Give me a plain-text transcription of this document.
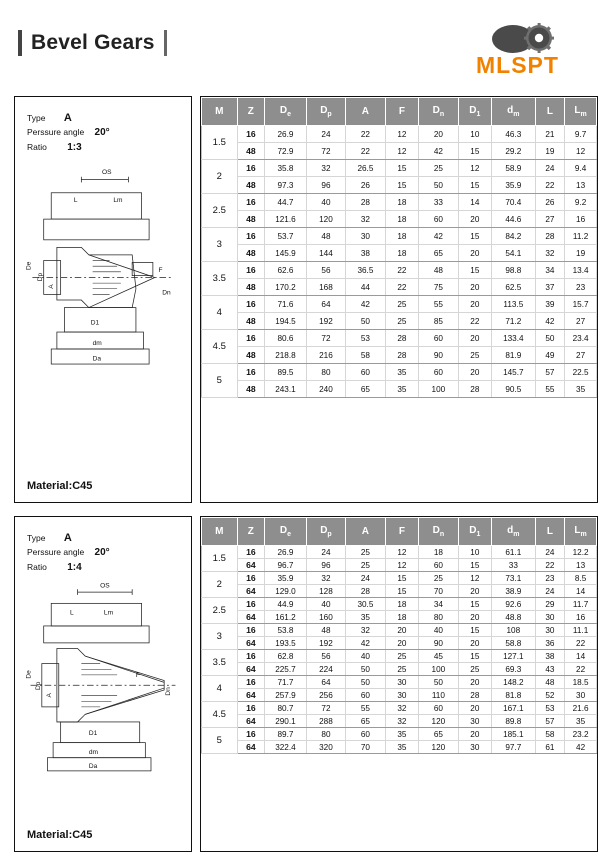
Bevel Gears
MLSPT
Type A
Perssure angle 20°
Ratio 1:3
OS
L	Lm
De
Dp
A
F
Dn
D1
dm
Da
Material:C45
M	Z	$D_e$	$D_p$	A	F	$D_n$	$D_1$	$d_m$	L	$L_m$
1.5	16	26.9	24	22	12	20	10	46.3	21	9.7
	48	72.9	72	22	12	42	15	29.2	19	12
2	16	35.8	32	26.5	15	25	12	58.9	24	9.4
	48	97.3	96	26	15	50	15	35.9	22	13
2.5	16	44.7	40	28	18	33	14	70.4	26	9.2
	48	121.6	120	32	18	60	20	44.6	27	16
3	16	53.7	48	30	18	42	15	84.2	28	11.2
	48	145.9	144	38	18	65	20	54.1	32	19
3.5	16	62.6	56	36.5	22	48	15	98.8	34	13.4
	48	170.2	168	44	22	75	20	62.5	37	23
4	16	71.6	64	42	25	55	20	113.5	39	15.7
	48	194.5	192	50	25	85	22	71.2	42	27
4.5	16	80.6	72	53	28	60	20	133.4	50	23.4
	48	218.8	216	58	28	90	25	81.9	49	27
5	16	89.5	80	60	35	60	20	145.7	57	22.5
	48	243.1	240	65	35	100	28	90.5	55	35
Type A
Perssure angle 20°
Ratio 1:4
OS
L	Lm
De
Dp
A
F
Dn
D1
dm
Da
Material:C45
M	Z	$D_e$	$D_p$	A	F	$D_n$	$D_1$	$d_m$	L	$L_m$
1.5	16	26.9	24	25	12	18	10	61.1	24	12.2
	64	96.7	96	25	12	60	15	33	22	13
2	16	35.9	32	24	15	25	12	73.1	23	8.5
	64	129.0	128	28	15	70	20	38.9	24	14
2.5	16	44.9	40	30.5	18	34	15	92.6	29	11.7
	64	161.2	160	35	18	80	20	48.8	30	16
3	16	53.8	48	32	20	40	15	108	30	11.1
	64	193.5	192	42	20	90	20	58.8	36	22
3.5	16	62.8	56	40	25	45	15	127.1	38	14
	64	225.7	224	50	25	100	25	69.3	43	22
4	16	71.7	64	50	30	50	20	148.2	48	18.5
	64	257.9	256	60	30	110	28	81.8	52	30
4.5	16	80.7	72	55	32	60	20	167.1	53	21.6
	64	290.1	288	65	32	120	30	89.8	57	35
5	16	89.7	80	60	35	65	20	185.1	58	23.2
	64	322.4	320	70	35	120	30	97.7	61	42
